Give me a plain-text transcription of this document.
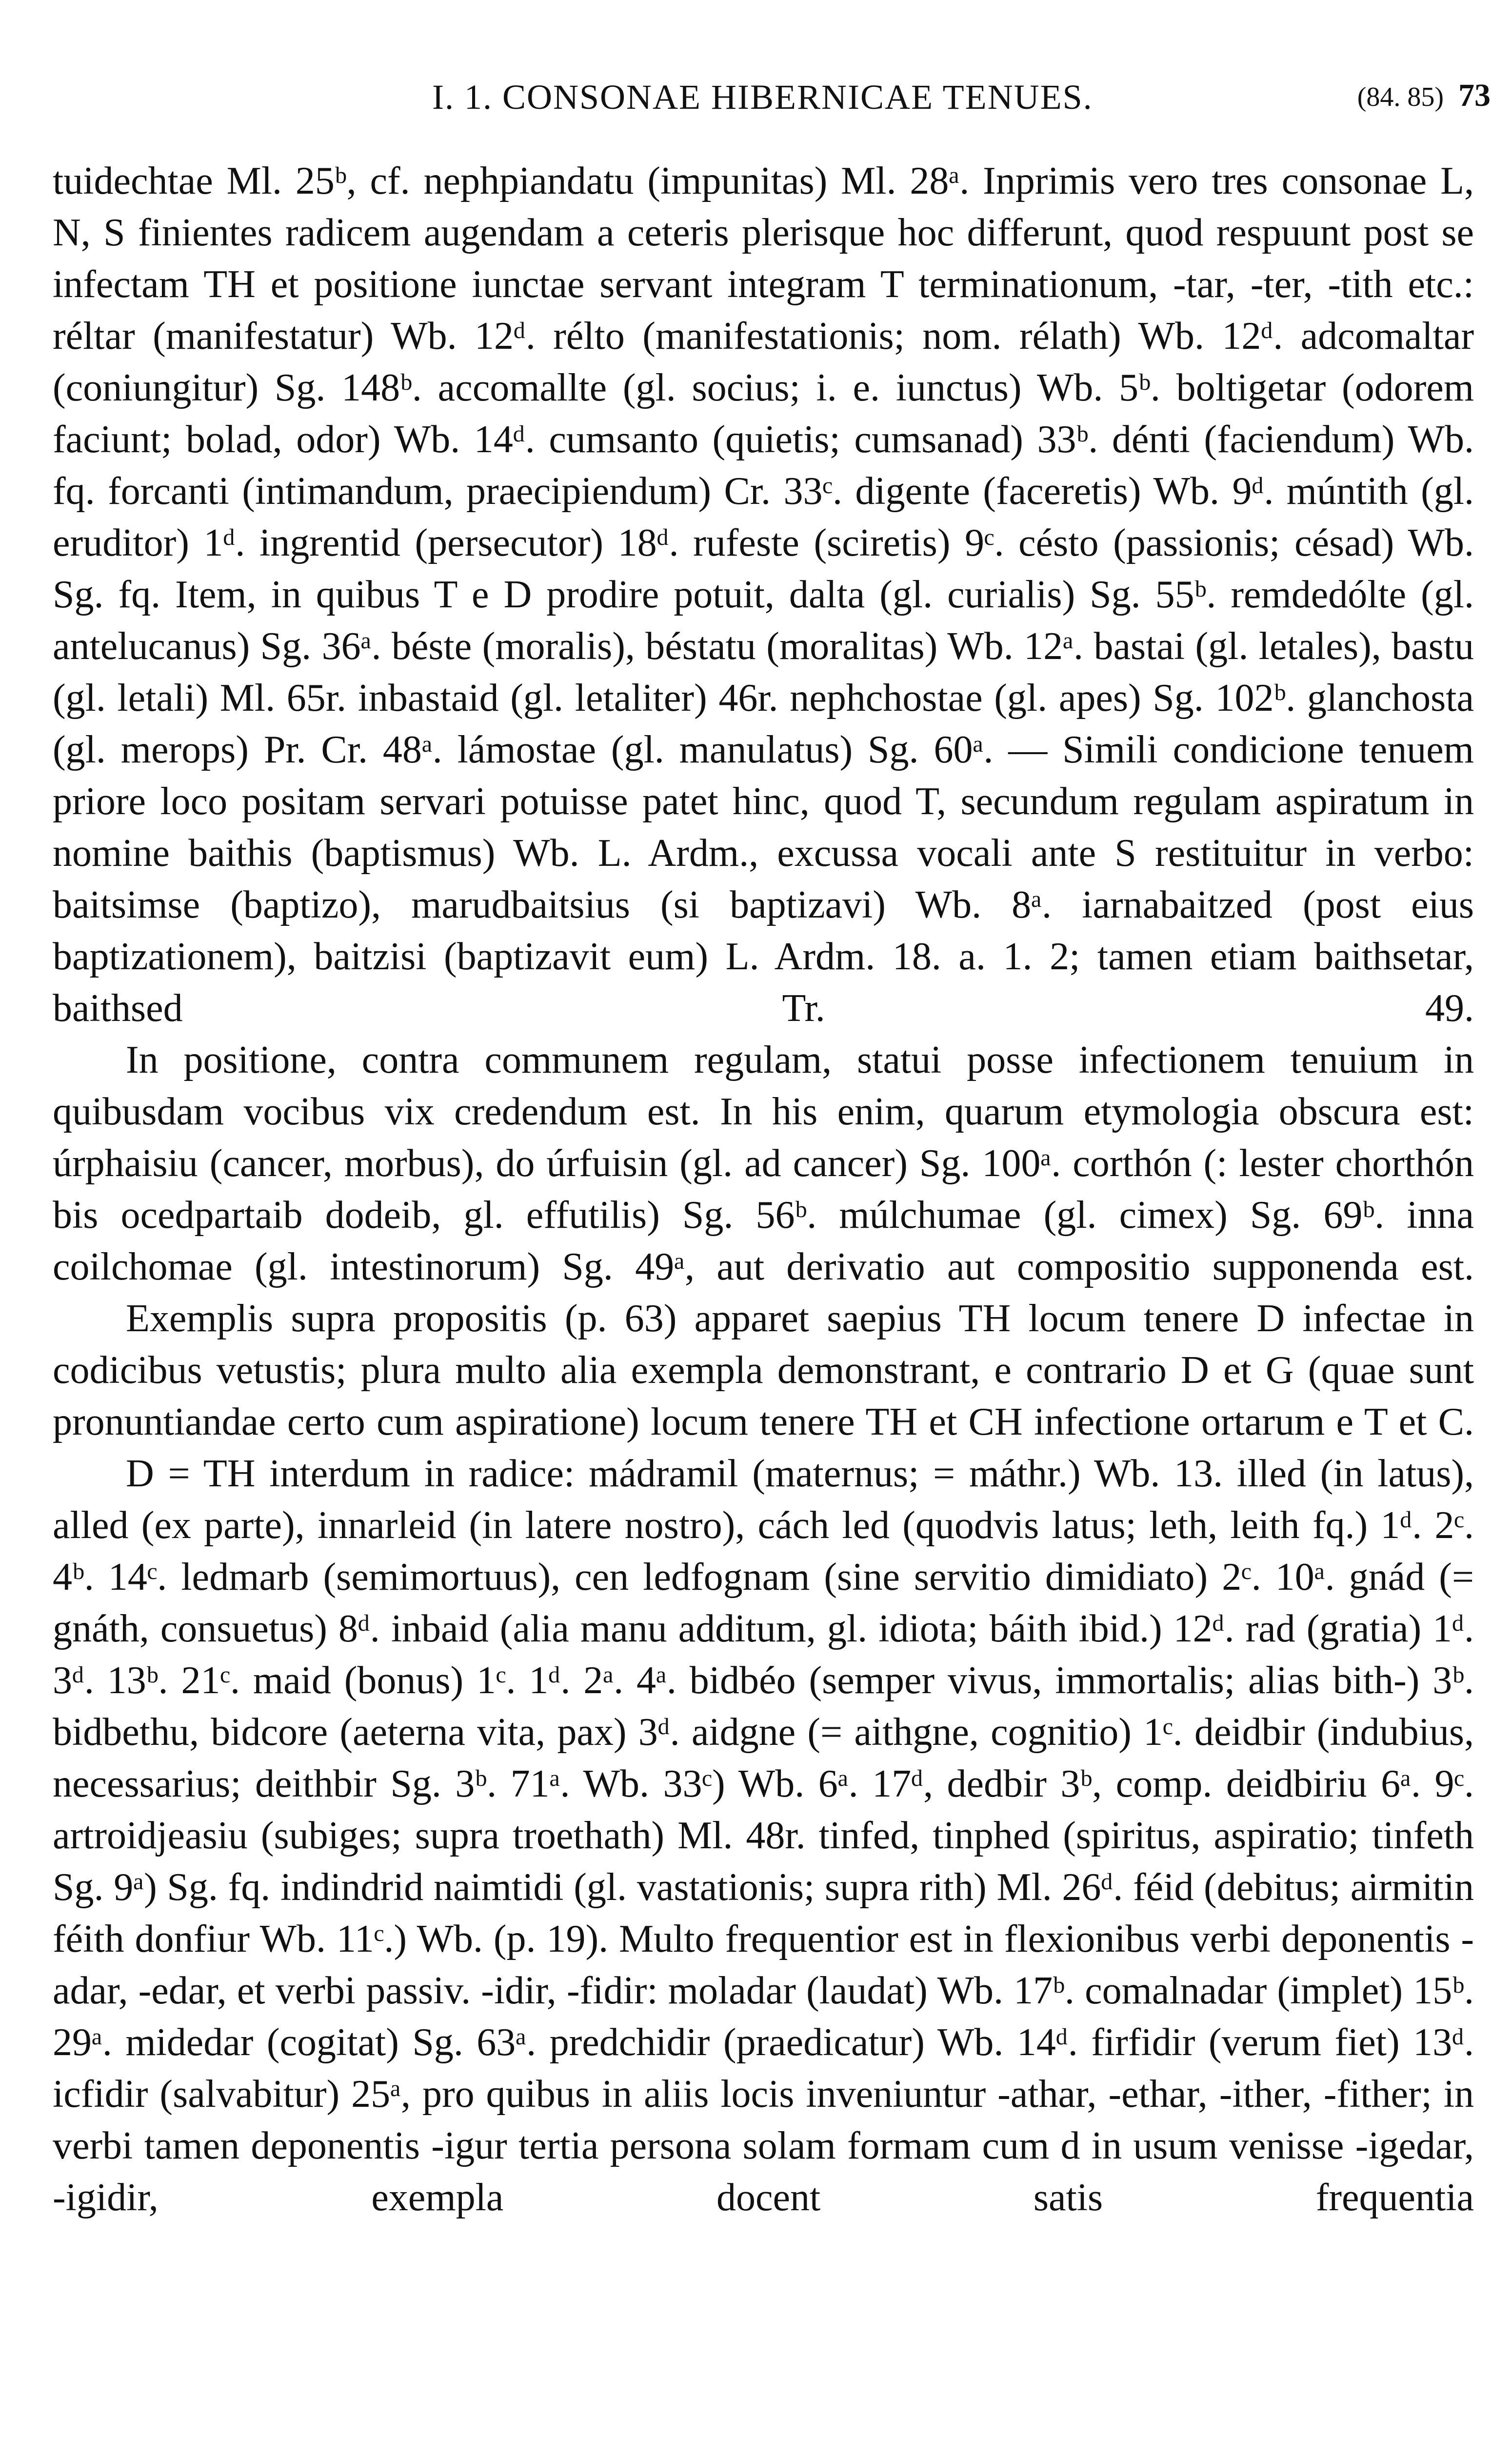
I. 1. CONSONAE HIBERNICAE TENUES.	(84. 85) 73

tuidechtae Ml. 25ᵇ, cf. nephpiandatu (impunitas) Ml. 28ᵃ. Inprimis vero tres consonae L, N, S finientes radicem augendam a ceteris plerisque hoc differunt, quod respuunt post se infectam TH et positione iunctae servant integram T terminationum, -tar, -ter, -tith etc.: réltar (manifestatur) Wb. 12ᵈ. rélto (manifestationis; nom. rélath) Wb. 12ᵈ. adcomaltar (coniungitur) Sg. 148ᵇ. accomallte (gl. socius; i. e. iunctus) Wb. 5ᵇ. boltigetar (odorem faciunt; bolad, odor) Wb. 14ᵈ. cumsanto (quietis; cumsanad) 33ᵇ. dénti (faciendum) Wb. fq. forcanti (intimandum, praecipiendum) Cr. 33ᶜ. digente (faceretis) Wb. 9ᵈ. múntith (gl. eruditor) 1ᵈ. ingrentid (persecutor) 18ᵈ. rufeste (sciretis) 9ᶜ. césto (passionis; césad) Wb. Sg. fq. Item, in quibus T e D prodire potuit, dalta (gl. curialis) Sg. 55ᵇ. remdedólte (gl. antelucanus) Sg. 36ᵃ. béste (moralis), béstatu (moralitas) Wb. 12ᵃ. bastai (gl. letales), bastu (gl. letali) Ml. 65r. inbastaid (gl. letaliter) 46r. nephchostae (gl. apes) Sg. 102ᵇ. glanchosta (gl. merops) Pr. Cr. 48ᵃ. lámostae (gl. manulatus) Sg. 60ᵃ. — Simili condicione tenuem priore loco positam servari potuisse patet hinc, quod T, secundum regulam aspiratum in nomine baithis (baptismus) Wb. L. Ardm., excussa vocali ante S restituitur in verbo: baitsimse (baptizo), marudbaitsius (si baptizavi) Wb. 8ᵃ. iarnabaitzed (post eius baptizationem), baitzisi (baptizavit eum) L. Ardm. 18. a. 1. 2; tamen etiam baithsetar, baithsed Tr. 49.

In positione, contra communem regulam, statui posse infectionem tenuium in quibusdam vocibus vix credendum est. In his enim, quarum etymologia obscura est: úrphaisiu (cancer, morbus), do úrfuisin (gl. ad cancer) Sg. 100ᵃ. corthón (: lester chorthón bis ocedpartaib dodeib, gl. effutilis) Sg. 56ᵇ. múlchumae (gl. cimex) Sg. 69ᵇ. inna coilchomae (gl. intestinorum) Sg. 49ᵃ, aut derivatio aut compositio supponenda est.

Exemplis supra propositis (p. 63) apparet saepius TH locum tenere D infectae in codicibus vetustis; plura multo alia exempla demonstrant, e contrario D et G (quae sunt pronuntiandae certo cum aspiratione) locum tenere TH et CH infectione ortarum e T et C.

D = TH interdum in radice: mádramil (maternus; = máthr.) Wb. 13. illed (in latus), alled (ex parte), innarleid (in latere nostro), cách led (quodvis latus; leth, leith fq.) 1ᵈ. 2ᶜ. 4ᵇ. 14ᶜ. ledmarb (semimortuus), cen ledfognam (sine servitio dimidiato) 2ᶜ. 10ᵃ. gnád (= gnáth, consuetus) 8ᵈ. inbaid (alia manu additum, gl. idiota; báith ibid.) 12ᵈ. rad (gratia) 1ᵈ. 3ᵈ. 13ᵇ. 21ᶜ. maid (bonus) 1ᶜ. 1ᵈ. 2ᵃ. 4ᵃ. bidbéo (semper vivus, immortalis; alias bith-) 3ᵇ. bidbethu, bidcore (aeterna vita, pax) 3ᵈ. aidgne (= aithgne, cognitio) 1ᶜ. deidbir (indubius, necessarius; deithbir Sg. 3ᵇ. 71ᵃ. Wb. 33ᶜ) Wb. 6ᵃ. 17ᵈ, dedbir 3ᵇ, comp. deidbiriu 6ᵃ. 9ᶜ. artroidjeasiu (subiges; supra troethath) Ml. 48r. tinfed, tinphed (spiritus, aspiratio; tinfeth Sg. 9ᵃ) Sg. fq. indindrid naimtidi (gl. vastationis; supra rith) Ml. 26ᵈ. féid (debitus; airmitin féith donfiur Wb. 11ᶜ.) Wb. (p. 19). Multo frequentior est in flexionibus verbi deponentis -adar, -edar, et verbi passiv. -idir, -fidir: moladar (laudat) Wb. 17ᵇ. comalnadar (implet) 15ᵇ. 29ᵃ. midedar (cogitat) Sg. 63ᵃ. predchidir (praedicatur) Wb. 14ᵈ. firfidir (verum fiet) 13ᵈ. icfidir (salvabitur) 25ᵃ, pro quibus in aliis locis inveniuntur -athar, -ethar, -ither, -fither; in verbi tamen deponentis -igur tertia persona solam formam cum d in usum venisse -igedar, -igidir, exempla docent satis frequentia
